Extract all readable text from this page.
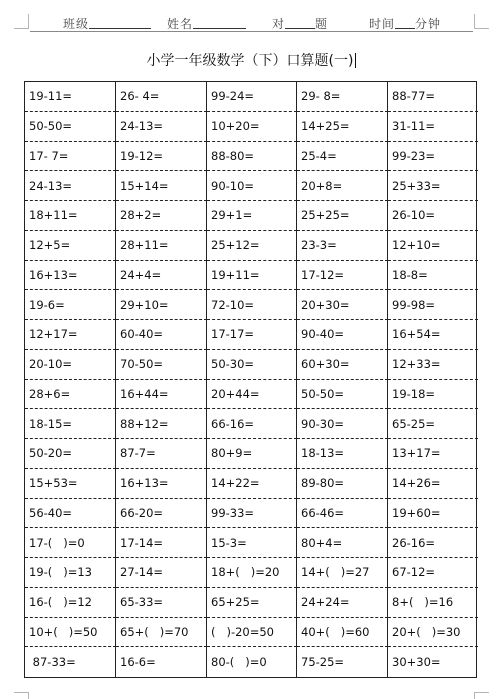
班级	姓名	对	题	时间 分钟
小学一年级数学（下）口算题(一)
19-11=	26- 4=	99-24=	29- 8=	88-77=
50-50=	24-13=	10+20=	14+25=	31-11=
17- 7=	19-12=	88-80=	25-4=	99-23=
24-13=	15+14=	90-10=	20+8=	25+33=
18+11=	28+2=	29+1=	25+25=	26-10=
12+5=	28+11=	25+12=	23-3=	12+10=
16+13=	24+4=	19+11=	17-12=	18-8=
19-6=	29+10=	72-10=	20+30=	99-98=
12+17=	60-40=	17-17=	90-40=	16+54=
20-10=	70-50=	50-30=	60+30=	12+33=
28+6=	16+44=	20+44=	50-50=	19-18=
18-15=	88+12=	66-16=	90-30=	65-25=
50-20=	87-7=	80+9=	18-13=	13+17=
15+53=	16+13=	14+22=	89-80=	14+26=
56-40=	66-20=	99-33=	66-46=	19+60=
17-(   )=0	17-14=	15-3=	80+4=	26-16=
19-(   )=13	27-14=	18+(   )=20	14+(   )=27	67-12=
16-(   )=12	65-33=	65+25=	24+24=	8+(   )=16
10+(   )=50	65+(   )=70	(   )-20=50	40+(   )=60	20+(   )=30
87-33=	16-6=	80-(   )=0	75-25=	30+30=
